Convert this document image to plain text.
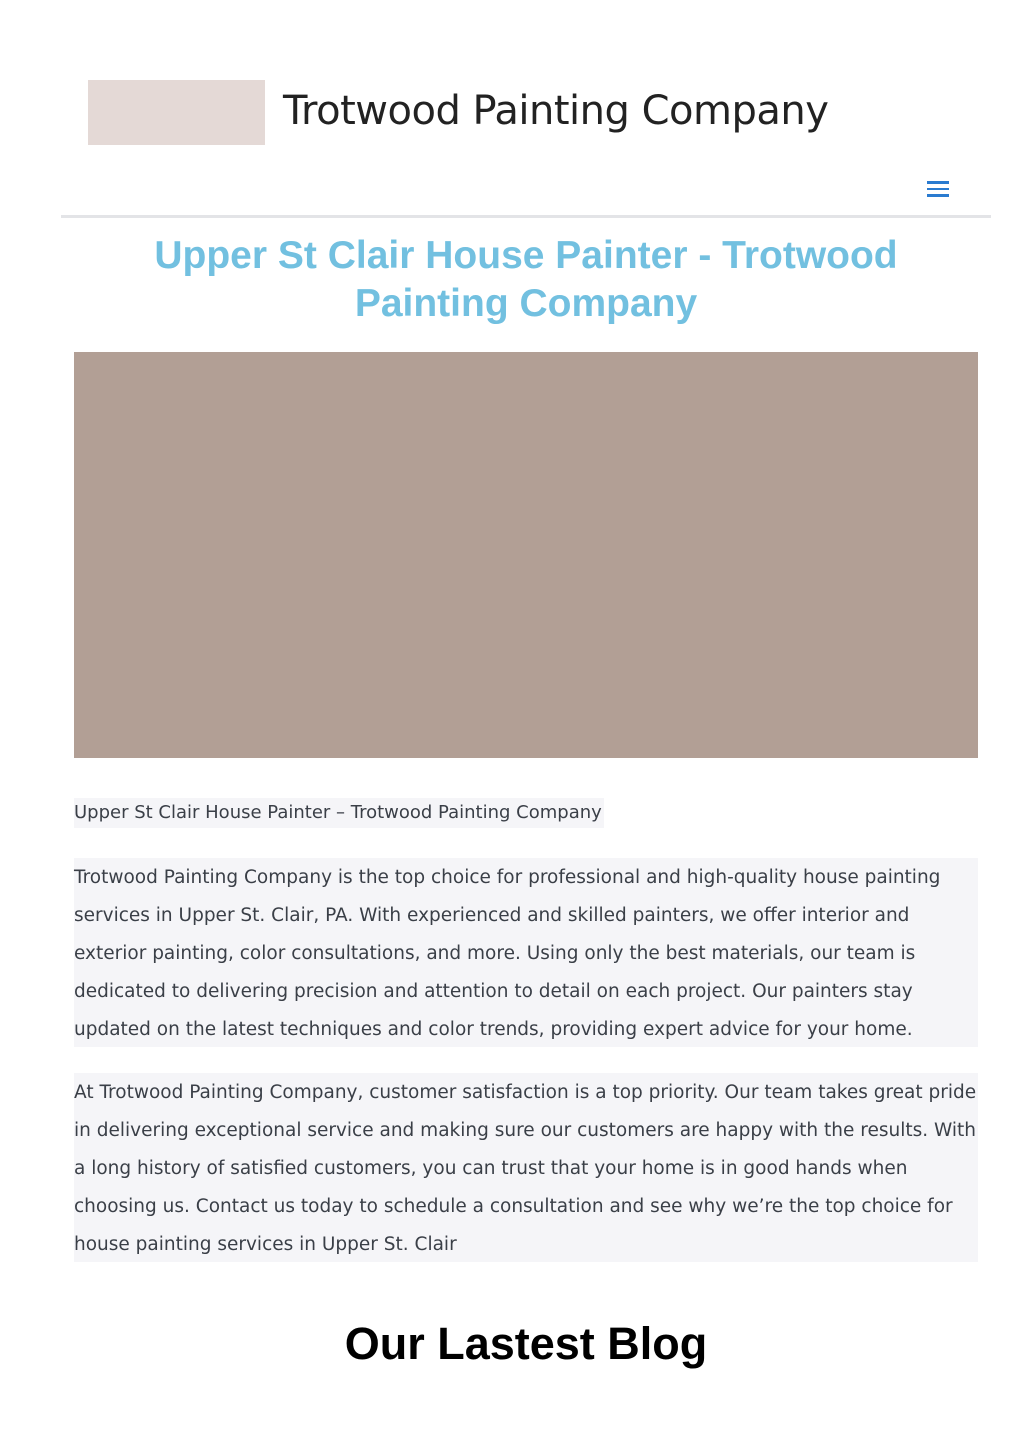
Trotwood Painting Company
Upper St Clair House Painter - Trotwood Painting Company
Upper St Clair House Painter – Trotwood Painting Company

Trotwood Painting Company is the top choice for professional and high-quality house painting services in Upper St. Clair, PA. With experienced and skilled painters, we offer interior and exterior painting, color consultations, and more. Using only the best materials, our team is dedicated to delivering precision and attention to detail on each project. Our painters stay updated on the latest techniques and color trends, providing expert advice for your home.

At Trotwood Painting Company, customer satisfaction is a top priority. Our team takes great pride in delivering exceptional service and making sure our customers are happy with the results. With a long history of satisfied customers, you can trust that your home is in good hands when choosing us. Contact us today to schedule a consultation and see why we’re the top choice for house painting services in Upper St. Clair

Our Lastest Blog
